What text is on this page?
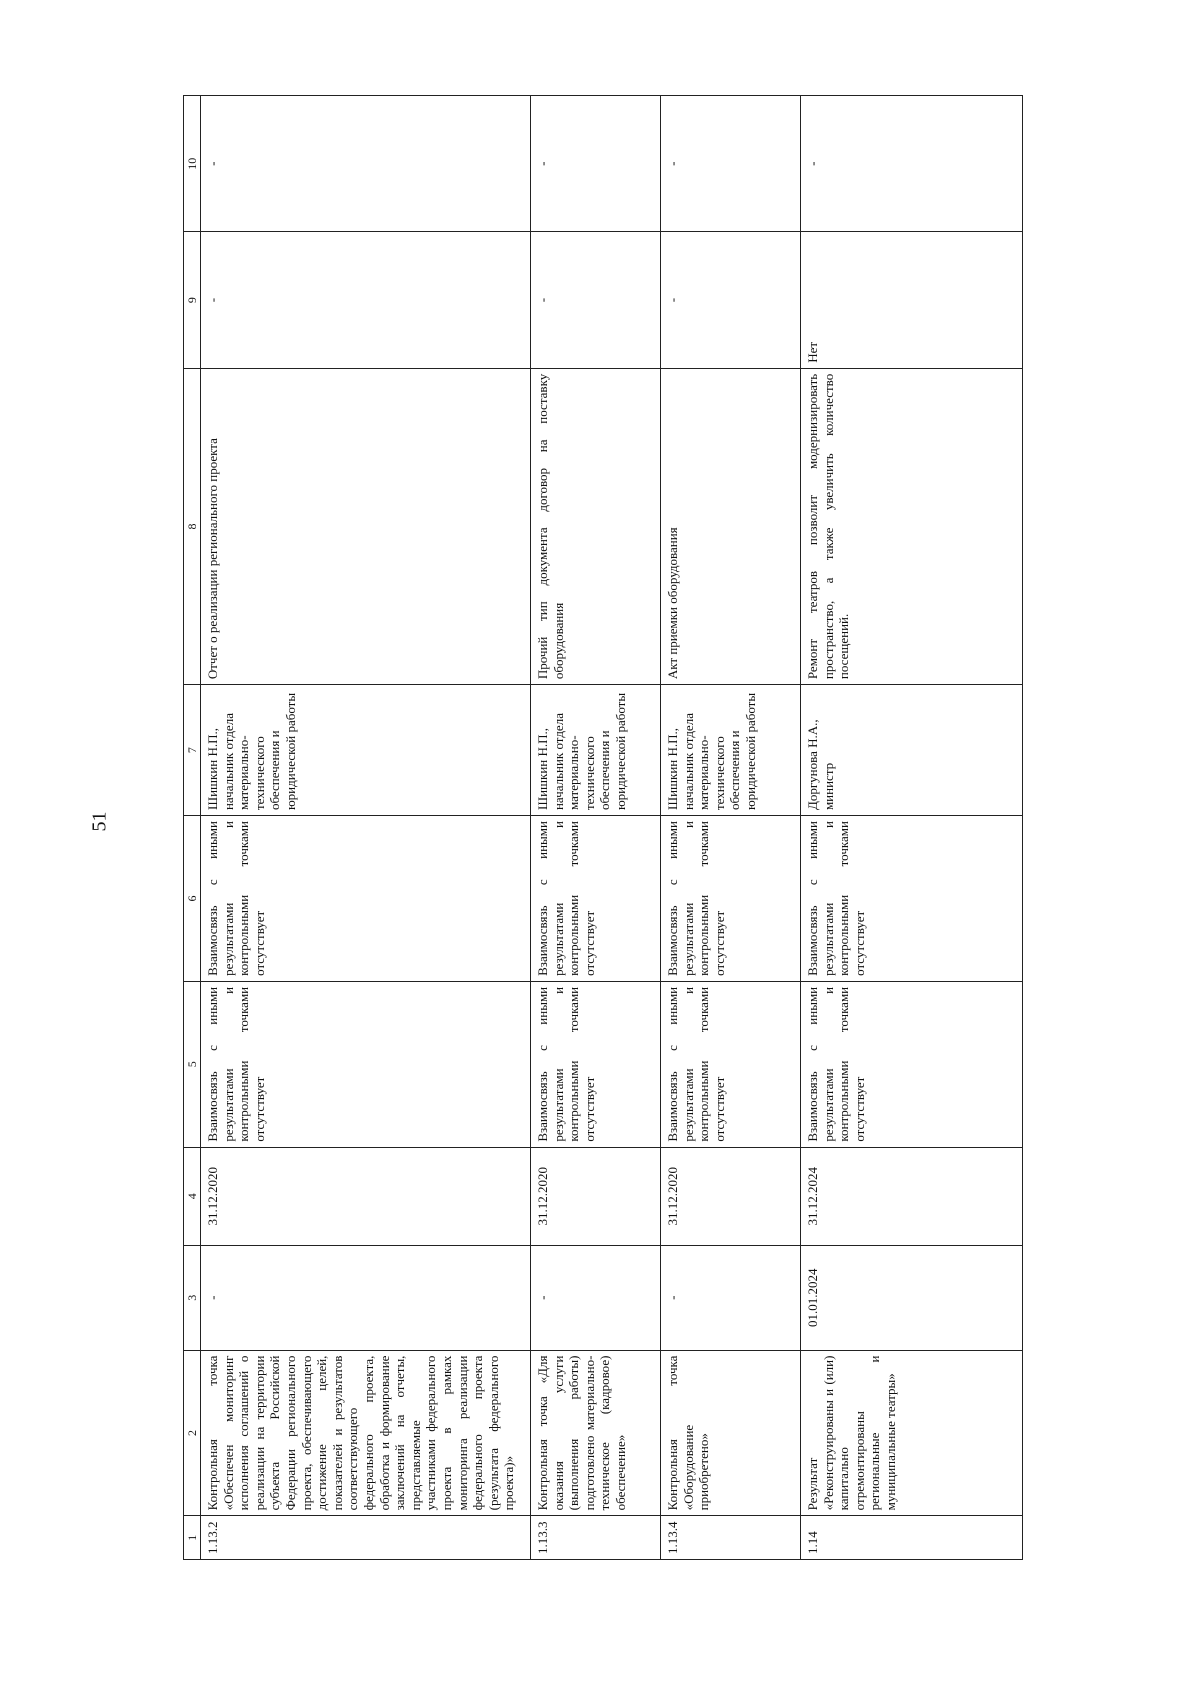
51
1	2	3	4	5	6	7	8	9	10
1.13.2	Контрольная точка «Обеспечен мониторинг исполнения соглашений о реализации на территории субъекта Российской Федерации регионального проекта, обеспечивающего достижение целей, показателей и результатов соответствующего федерального проекта, обработка и формирование заключений на отчеты, представляемые участниками федерального проекта в рамках мониторинга реализации федерального проекта (результата федерального проекта)»	-	31.12.2020	Взаимосвязь с иными результатами и контрольными точками отсутствует	Взаимосвязь с иными результатами и контрольными точками отсутствует	Шишкин Н.П., начальник отдела материально-технического обеспечения и юридической работы	Отчет о реализации регионального проекта	-	-
1.13.3	Контрольная точка «Для оказания услуги (выполнения работы) подготовлено материально-техническое (кадровое) обеспечение»	-	31.12.2020	Взаимосвязь с иными результатами и контрольными точками отсутствует	Взаимосвязь с иными результатами и контрольными точками отсутствует	Шишкин Н.П., начальник отдела материально-технического обеспечения и юридической работы	Прочий тип документа договор на поставку оборудования	-	-
1.13.4	Контрольная точка «Оборудование приобретено»	-	31.12.2020	Взаимосвязь с иными результатами и контрольными точками отсутствует	Взаимосвязь с иными результатами и контрольными точками отсутствует	Шишкин Н.П., начальник отдела материально-технического обеспечения и юридической работы	Акт приемки оборудования	-	-
1.14	Результат «Реконструированы и (или) капитально отремонтированы региональные и муниципальные театры»	01.01.2024	31.12.2024	Взаимосвязь с иными результатами и контрольными точками отсутствует	Взаимосвязь с иными результатами и контрольными точками отсутствует	Доргунова Н.А., министр	Ремонт театров позволит модернизировать пространство, а также увеличить количество посещений.	Нет	-
